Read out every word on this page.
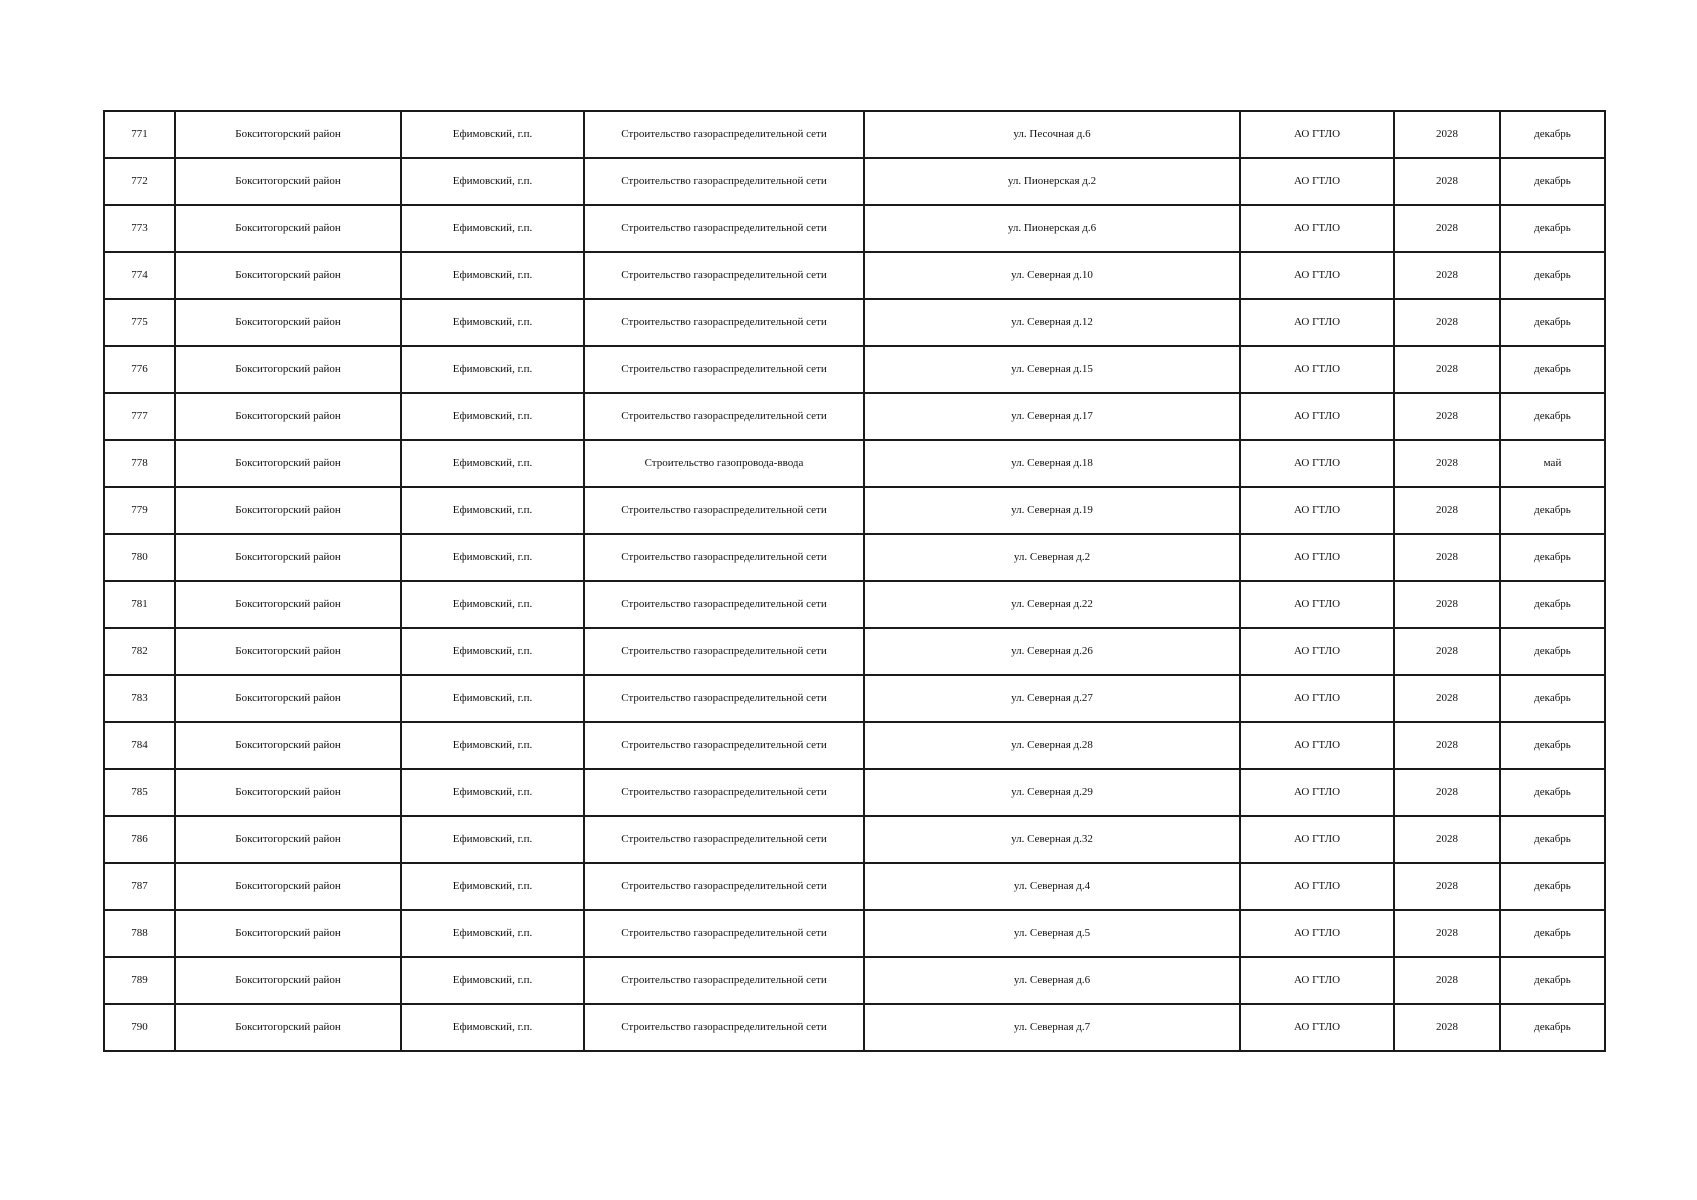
771	Бокситогорский район	Ефимовский, г.п.	Строительство газораспределительной сети	ул. Песочная д.6	АО ГТЛО	2028	декабрь
772	Бокситогорский район	Ефимовский, г.п.	Строительство газораспределительной сети	ул. Пионерская д.2	АО ГТЛО	2028	декабрь
773	Бокситогорский район	Ефимовский, г.п.	Строительство газораспределительной сети	ул. Пионерская д.6	АО ГТЛО	2028	декабрь
774	Бокситогорский район	Ефимовский, г.п.	Строительство газораспределительной сети	ул. Северная д.10	АО ГТЛО	2028	декабрь
775	Бокситогорский район	Ефимовский, г.п.	Строительство газораспределительной сети	ул. Северная д.12	АО ГТЛО	2028	декабрь
776	Бокситогорский район	Ефимовский, г.п.	Строительство газораспределительной сети	ул. Северная д.15	АО ГТЛО	2028	декабрь
777	Бокситогорский район	Ефимовский, г.п.	Строительство газораспределительной сети	ул. Северная д.17	АО ГТЛО	2028	декабрь
778	Бокситогорский район	Ефимовский, г.п.	Строительство газопровода-ввода	ул. Северная д.18	АО ГТЛО	2028	май
779	Бокситогорский район	Ефимовский, г.п.	Строительство газораспределительной сети	ул. Северная д.19	АО ГТЛО	2028	декабрь
780	Бокситогорский район	Ефимовский, г.п.	Строительство газораспределительной сети	ул. Северная д.2	АО ГТЛО	2028	декабрь
781	Бокситогорский район	Ефимовский, г.п.	Строительство газораспределительной сети	ул. Северная д.22	АО ГТЛО	2028	декабрь
782	Бокситогорский район	Ефимовский, г.п.	Строительство газораспределительной сети	ул. Северная д.26	АО ГТЛО	2028	декабрь
783	Бокситогорский район	Ефимовский, г.п.	Строительство газораспределительной сети	ул. Северная д.27	АО ГТЛО	2028	декабрь
784	Бокситогорский район	Ефимовский, г.п.	Строительство газораспределительной сети	ул. Северная д.28	АО ГТЛО	2028	декабрь
785	Бокситогорский район	Ефимовский, г.п.	Строительство газораспределительной сети	ул. Северная д.29	АО ГТЛО	2028	декабрь
786	Бокситогорский район	Ефимовский, г.п.	Строительство газораспределительной сети	ул. Северная д.32	АО ГТЛО	2028	декабрь
787	Бокситогорский район	Ефимовский, г.п.	Строительство газораспределительной сети	ул. Северная д.4	АО ГТЛО	2028	декабрь
788	Бокситогорский район	Ефимовский, г.п.	Строительство газораспределительной сети	ул. Северная д.5	АО ГТЛО	2028	декабрь
789	Бокситогорский район	Ефимовский, г.п.	Строительство газораспределительной сети	ул. Северная д.6	АО ГТЛО	2028	декабрь
790	Бокситогорский район	Ефимовский, г.п.	Строительство газораспределительной сети	ул. Северная д.7	АО ГТЛО	2028	декабрь
